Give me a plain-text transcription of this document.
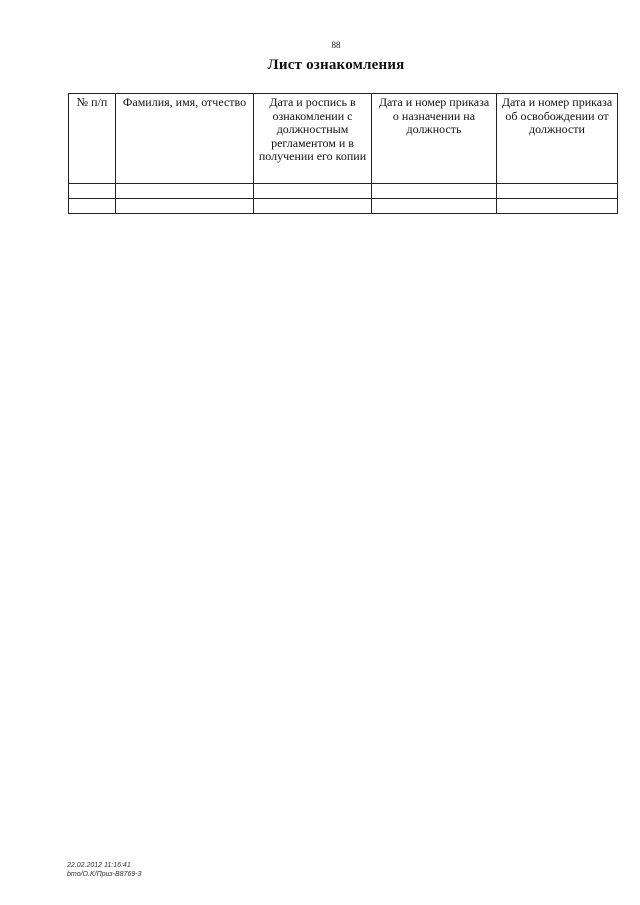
88
Лист ознакомления
№ п/п	Фамилия, имя, отчество	Дата и роспись в ознакомлении с должностным регламентом и в получении его копии	Дата и номер приказа о назначении на должность	Дата и номер приказа об освобождении от должности

22.02.2012 11:16:41
bmo/O.K/Приз-В8769-3
